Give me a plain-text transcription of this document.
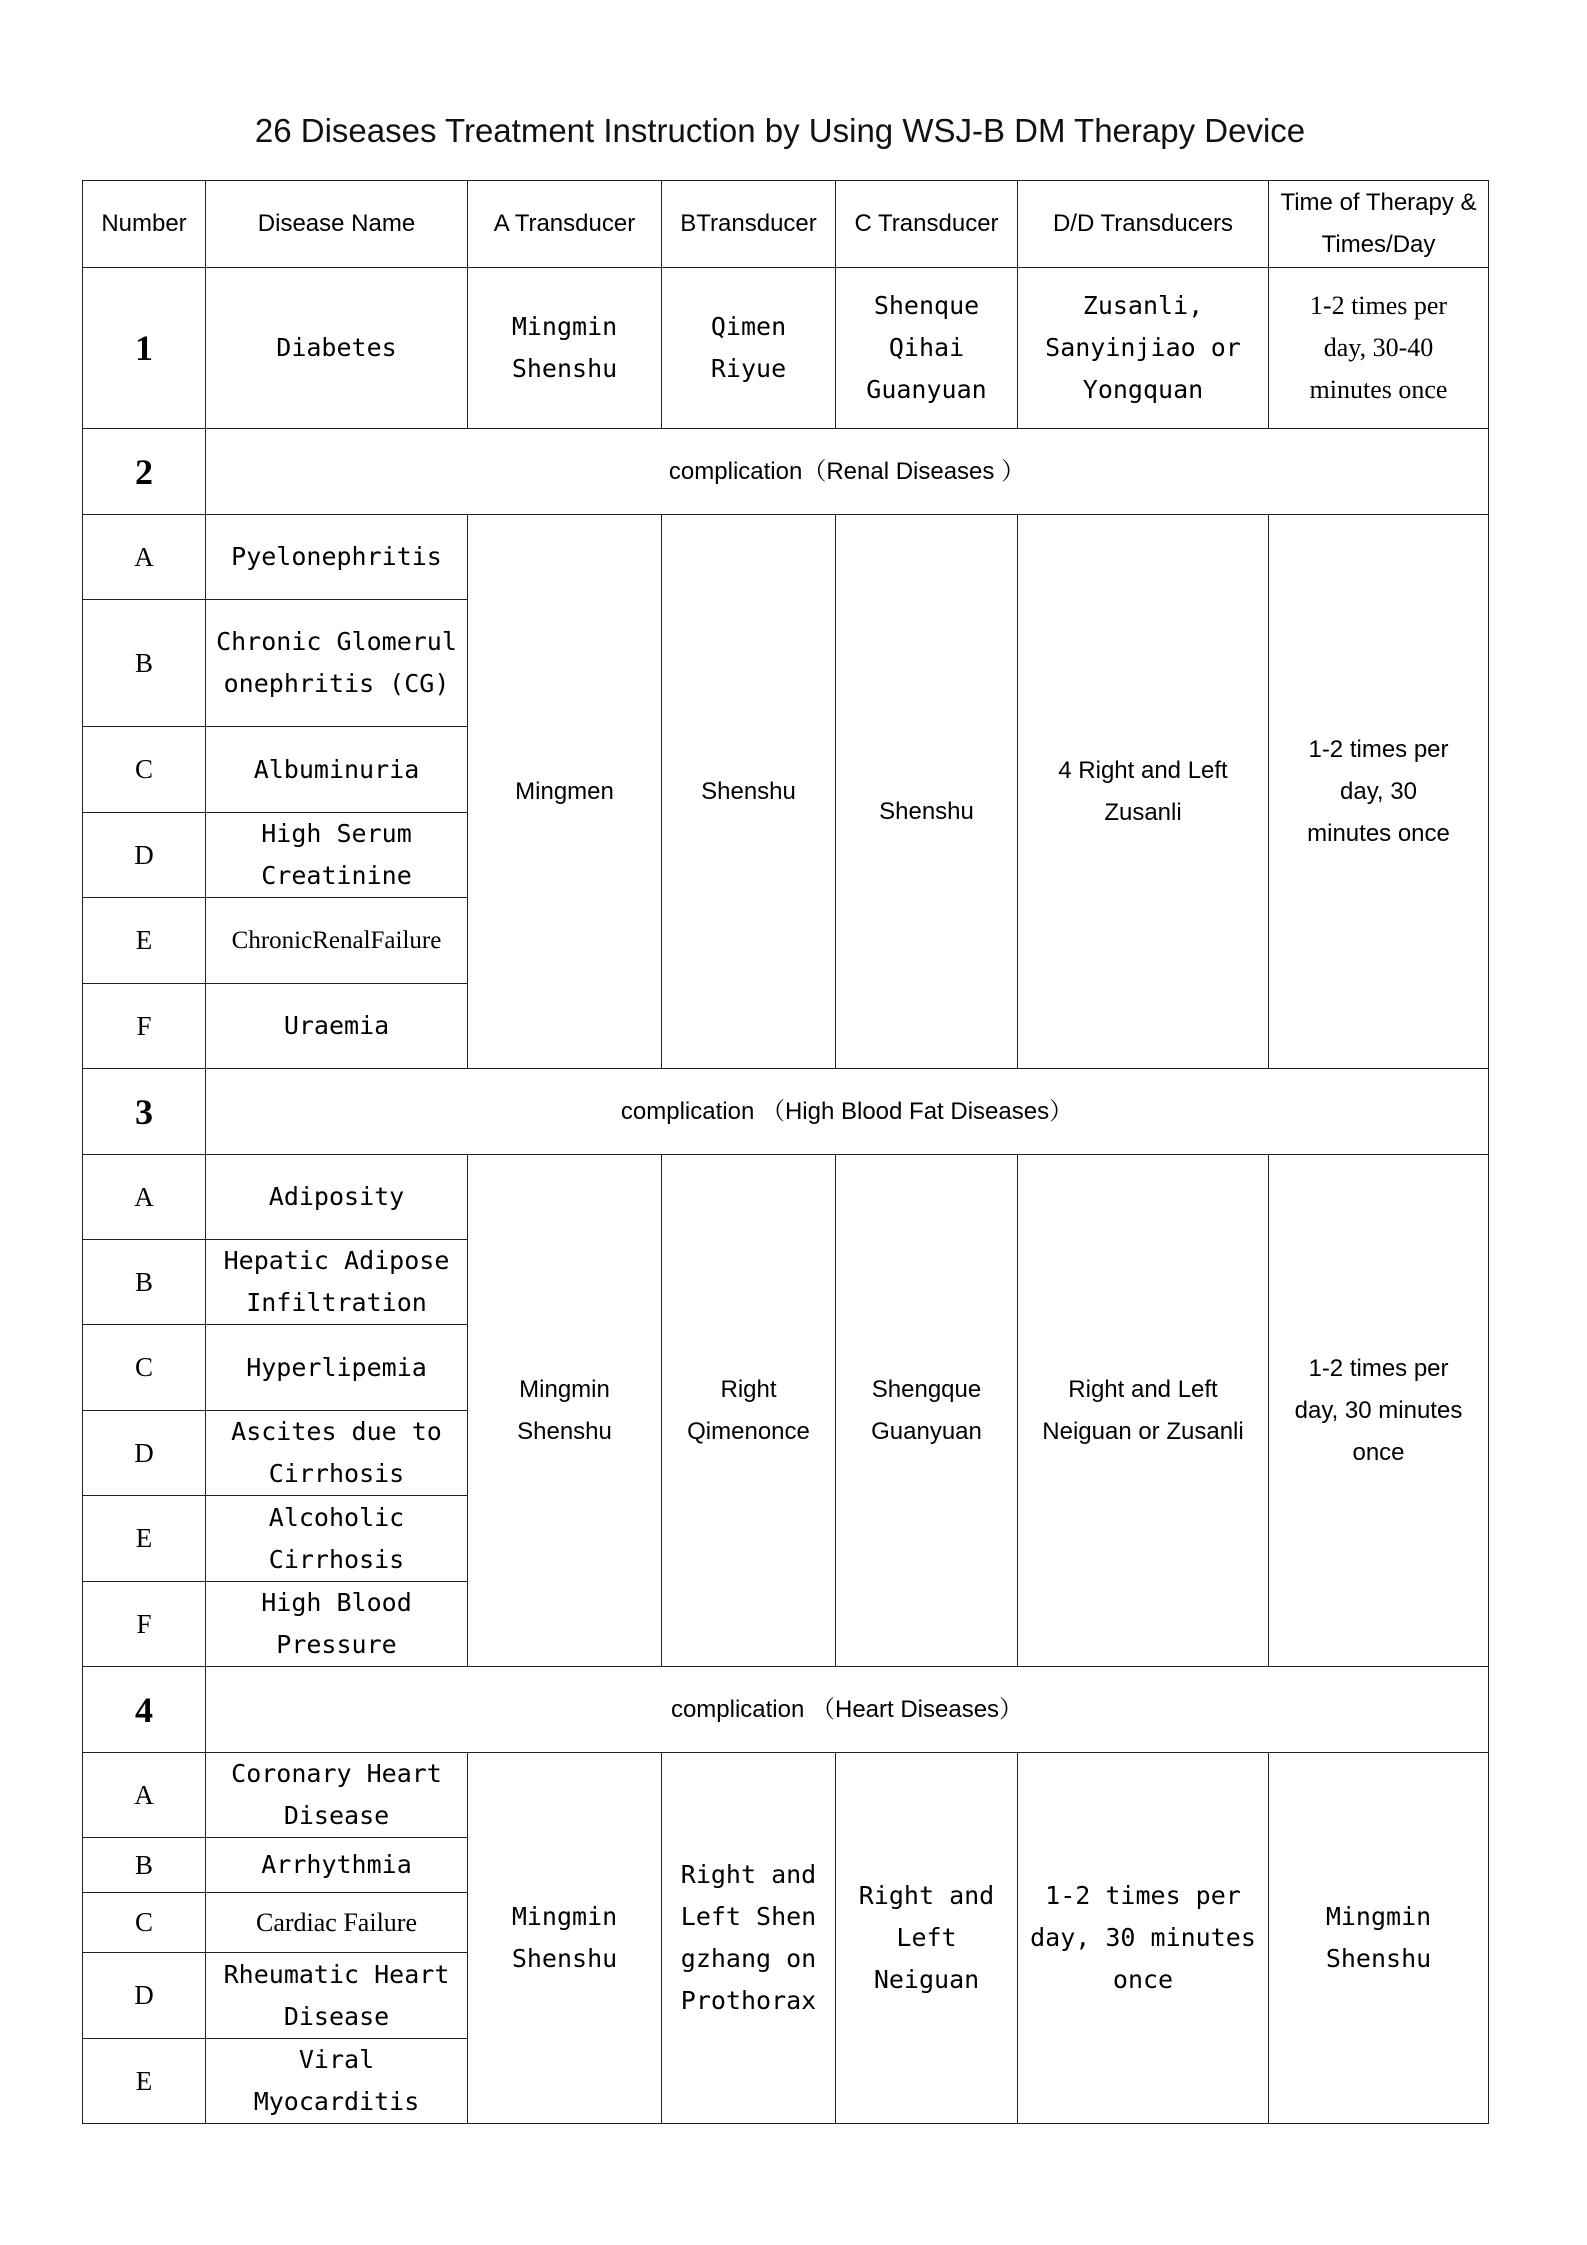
26 Diseases Treatment Instruction by Using WSJ-B DM Therapy Device
Number	Disease Name	A Transducer	BTransducer	C Transducer	D/D Transducers	Time of Therapy & Times/Day
1	Diabetes	Mingmin Shenshu	Qimen Riyue	Shenque Qihai Guanyuan	Zusanli, Sanyinjiao or Yongquan	1-2 times per day, 30-40 minutes once
2	complication（Renal Diseases ）					
A	Pyelonephritis	Mingmen	Shenshu	Shenshu	4 Right and Left Zusanli	1-2 times per day, 30 minutes once
B	Chronic Glomerulonephritis (CG)					
C	Albuminuria					
D	High Serum Creatinine					
E	ChronicRenalFailure					
F	Uraemia					
3	complication （High Blood Fat Diseases）					
A	Adiposity	Mingmin Shenshu	Right Qimenonce	Shengque Guanyuan	Right and Left Neiguan or Zusanli	1-2 times per day, 30 minutes once
B	Hepatic Adipose Infiltration					
C	Hyperlipemia					
D	Ascites due to Cirrhosis					
E	Alcoholic Cirrhosis					
F	High Blood Pressure					
4	complication （Heart Diseases）					
A	Coronary Heart Disease	Mingmin Shenshu	Right and Left Shengzhang on Prothorax	Right and Left Neiguan	1-2 times per day, 30 minutes once	Mingmin Shenshu
B	Arrhythmia					
C	Cardiac Failure					
D	Rheumatic Heart Disease					
E	Viral Myocarditis					
